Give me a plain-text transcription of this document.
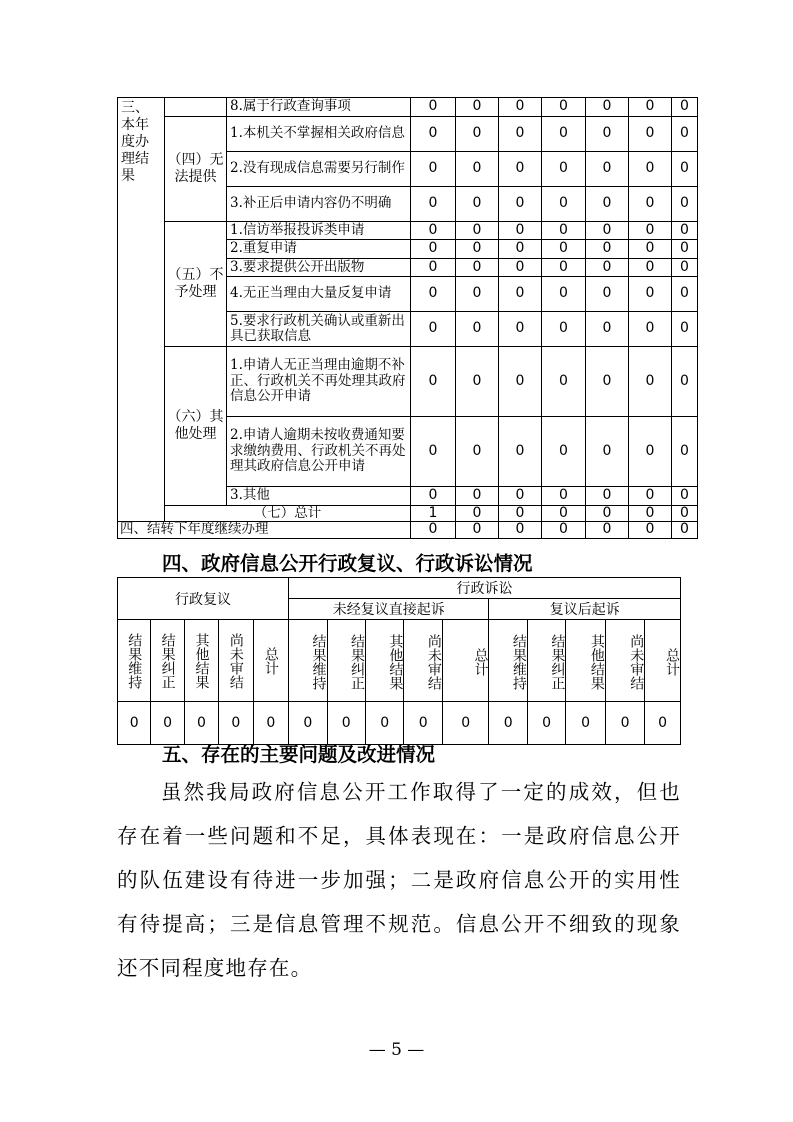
三、本年度办理结果		8.属于行政查询事项	0	0	0	0	0	0	0
	（四）无法提供	1.本机关不掌握相关政府信息	0	0	0	0	0	0	0
		2.没有现成信息需要另行制作	0	0	0	0	0	0	0
		3.补正后申请内容仍不明确	0	0	0	0	0	0	0
	（五）不予处理	1.信访举报投诉类申请	0	0	0	0	0	0	0
		2.重复申请	0	0	0	0	0	0	0
		3.要求提供公开出版物	0	0	0	0	0	0	0
		4.无正当理由大量反复申请	0	0	0	0	0	0	0
		5.要求行政机关确认或重新出具已获取信息	0	0	0	0	0	0	0
	（六）其他处理	1.申请人无正当理由逾期不补正、行政机关不再处理其政府信息公开申请	0	0	0	0	0	0	0
		2.申请人逾期未按收费通知要求缴纳费用、行政机关不再处理其政府信息公开申请	0	0	0	0	0	0	0
		3.其他	0	0	0	0	0	0	0
	（七）总计		1	0	0	0	0	0	0
四、结转下年度继续办理			0	0	0	0	0	0	0
四、政府信息公开行政复议、行政诉讼情况
行政复议					行政诉讼									
					未经复议直接起诉					复议后起诉				
结果维持	结果纠正	其他结果	尚未审结	总计	结果维持	结果纠正	其他结果	尚未审结	总计	结果维持	结果纠正	其他结果	尚未审结	总计
0	0	0	0	0	0	0	0	0	0	0	0	0	0	0
五、存在的主要问题及改进情况
虽然我局政府信息公开工作取得了一定的成效，但也存在着一些问题和不足，具体表现在：一是政府信息公开的队伍建设有待进一步加强；二是政府信息公开的实用性有待提高；三是信息管理不规范。信息公开不细致的现象还不同程度地存在。
— 5 —
